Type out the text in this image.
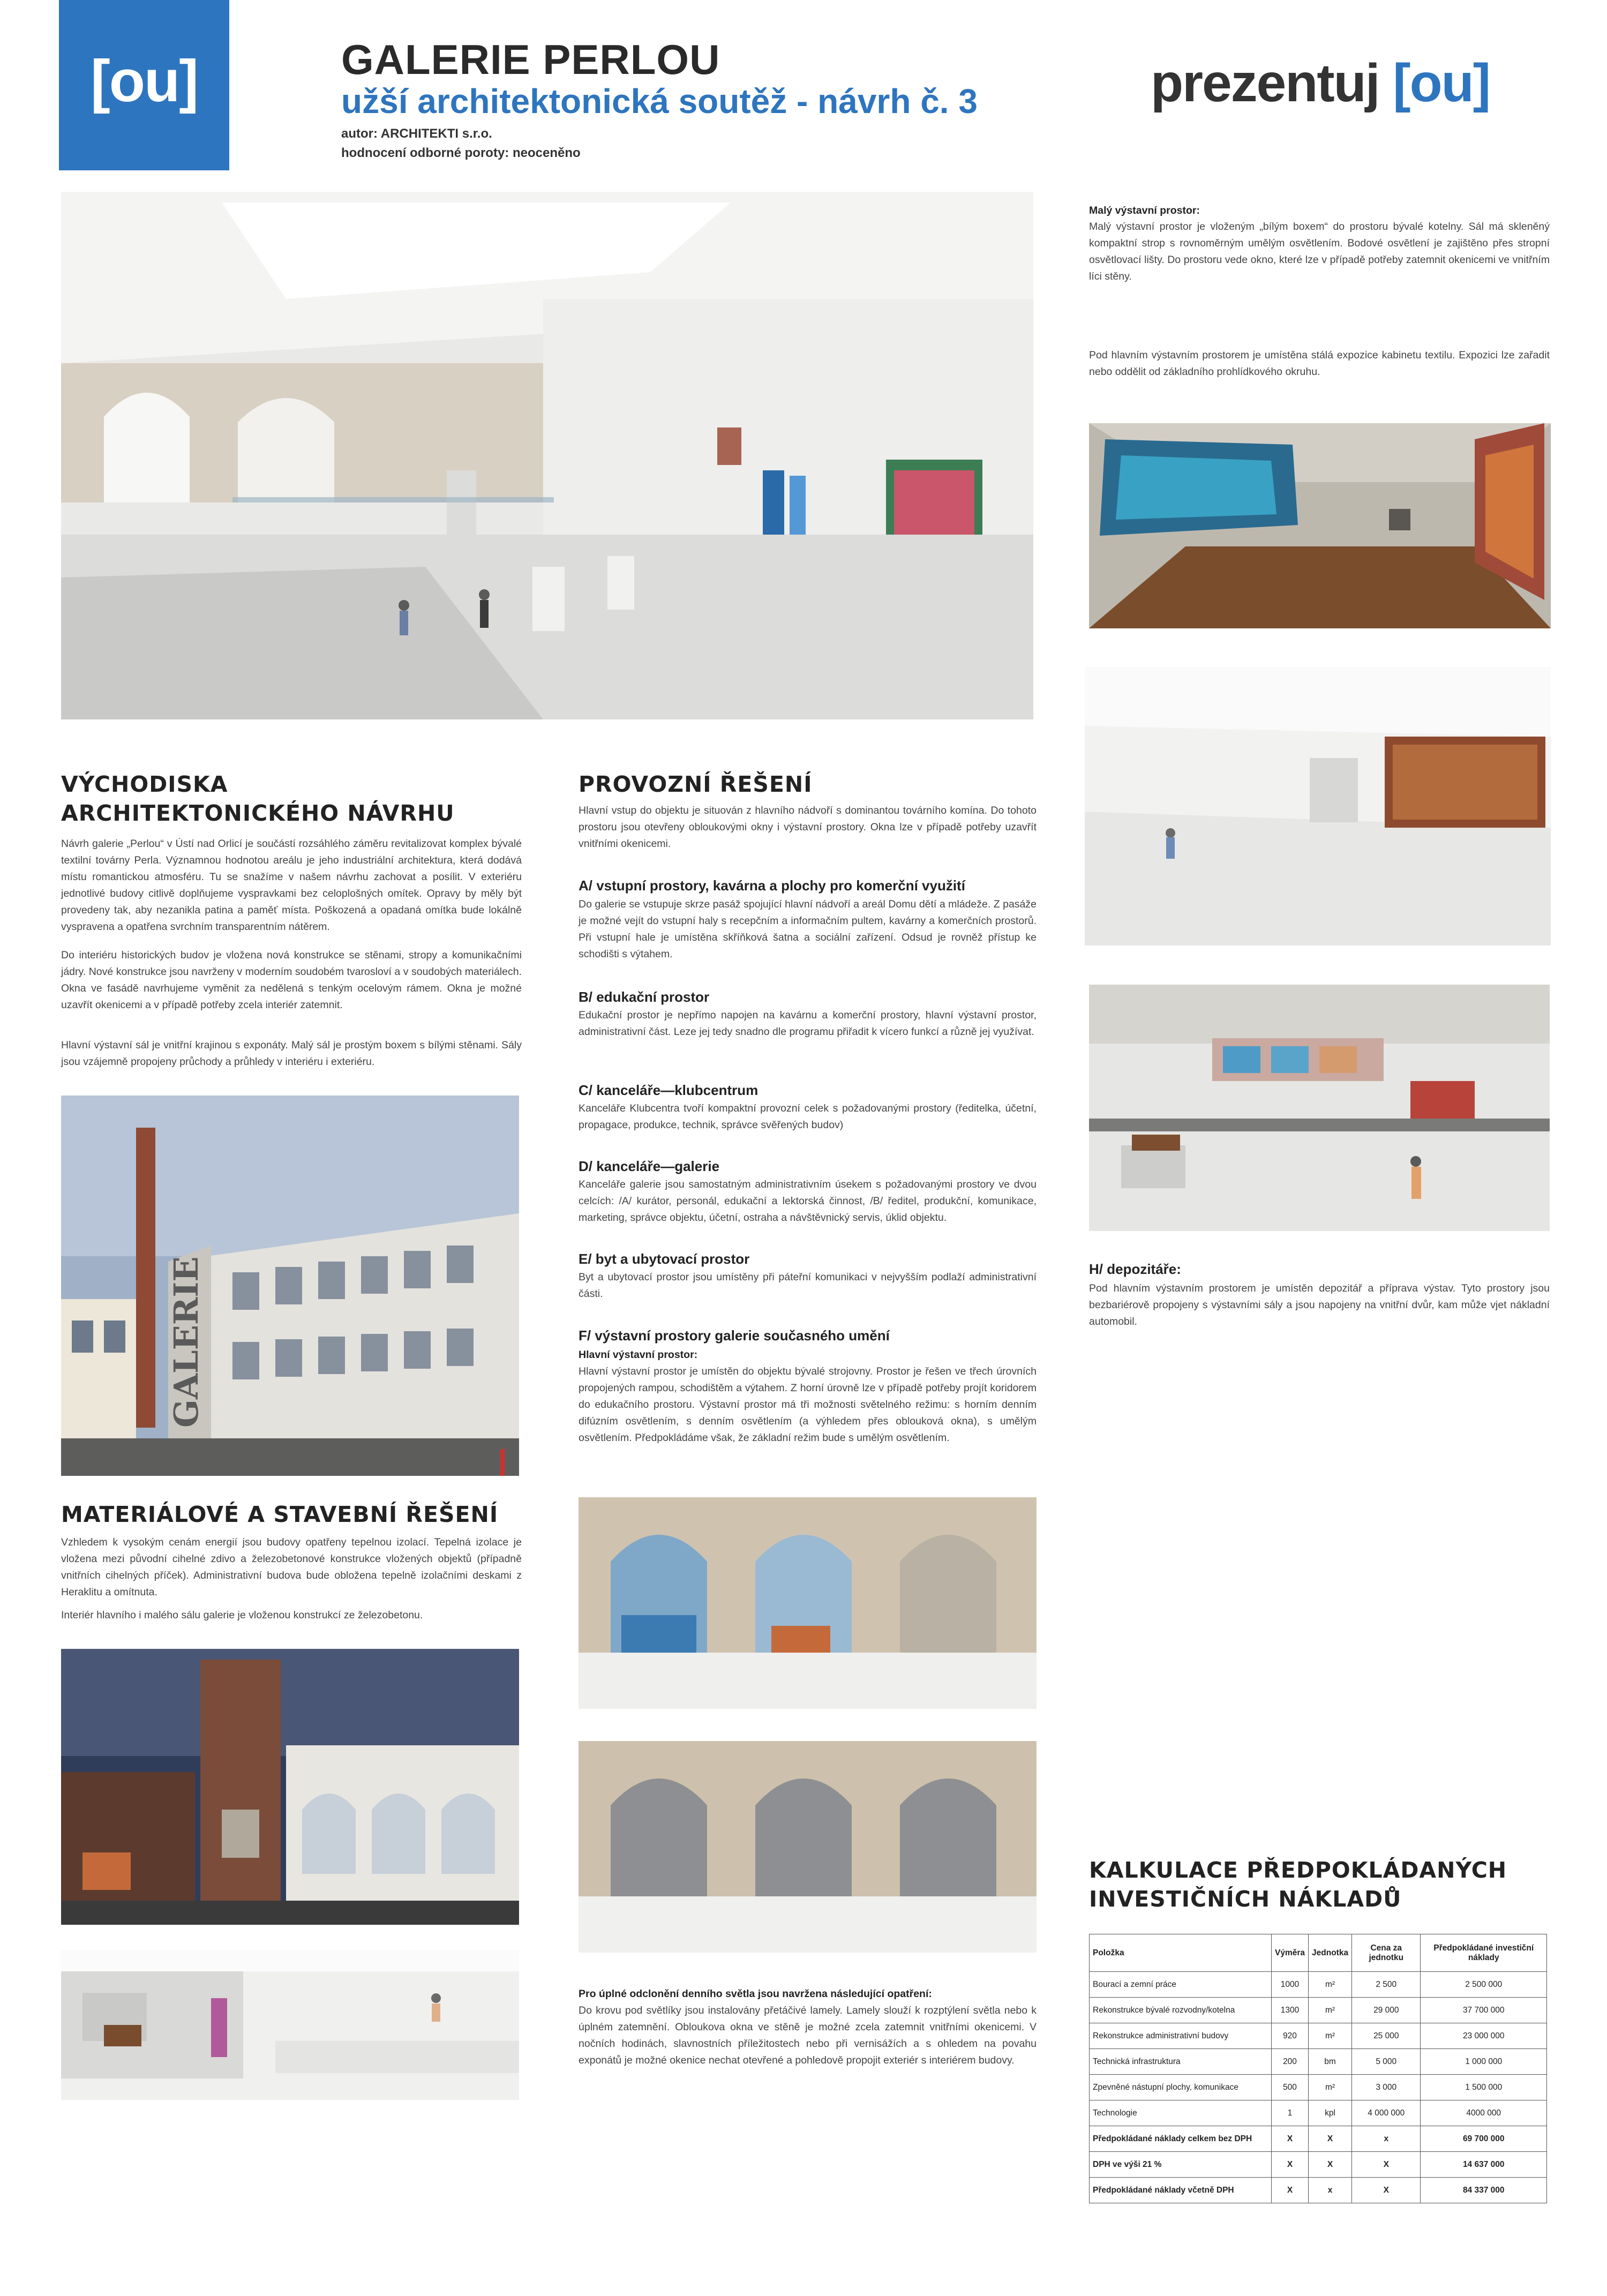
[ou]	GALERIE PERLOU
užší architektonická soutěž - návrh č. 3
autor: ARCHITEKTI s.r.o.
hodnocení odborné poroty: neoceněno
prezentuj [ou]
Malý výstavní prostor:
Malý výstavní prostor je vloženým „bílým boxem“ do prostoru bývalé kotelny. Sál má skleněný kompaktní strop s rovnoměrným umělým osvětlením. Bodové osvětlení je zajištěno přes stropní osvětlovací lišty. Do prostoru vede okno, které lze v případě potřeby zatemnit okenicemi ve vnitřním líci stěny.
Pod hlavním výstavním prostorem je umístěna stálá expozice kabinetu textilu. Expozici lze zařadit nebo oddělit od základního prohlídkového okruhu.
VÝCHODISKA
ARCHITEKTONICKÉHO NÁVRHU
Návrh galerie „Perlou“ v Ústí nad Orlicí je součástí rozsáhlého záměru revitalizovat komplex bývalé textilní továrny Perla. Významnou hodnotou areálu je jeho industriální architektura, která dodává místu romantickou atmosféru. Tu se snažíme v našem návrhu zachovat a posílit. V exteriéru jednotlivé budovy citlivě doplňujeme vyspravkami bez celoplošných omítek. Opravy by měly být provedeny tak, aby nezanikla patina a paměť místa. Poškozená a opadaná omítka bude lokálně vyspravena a opatřena svrchním transparentním nátěrem.
Do interiéru historických budov je vložena nová konstrukce se stěnami, stropy a komunikačními jádry. Nové konstrukce jsou navrženy v moderním soudobém tvarosloví a v soudobých materiálech. Okna ve fasádě navrhujeme vyměnit za nedělená s tenkým ocelovým rámem. Okna je možné uzavřít okenicemi a v případě potřeby zcela interiér zatemnit.
Hlavní výstavní sál je vnitřní krajinou s exponáty. Malý sál je prostým boxem s bílými stěnami. Sály jsou vzájemně propojeny průchody a průhledy v interiéru i exteriéru.
GALERIE
MATERIÁLOVÉ A STAVEBNÍ ŘEŠENÍ
Vzhledem k vysokým cenám energií jsou budovy opatřeny tepelnou izolací. Tepelná izolace je vložena mezi původní cihelné zdivo a železobetonové konstrukce vložených objektů (případně vnitřních cihelných příček). Administrativní budova bude obložena tepelně izolačními deskami z Heraklitu a omítnuta.
Interiér hlavního i malého sálu galerie je vloženou konstrukcí ze železobetonu.
PROVOZNÍ ŘEŠENÍ
Hlavní vstup do objektu je situován z hlavního nádvoří s dominantou továrního komína. Do tohoto prostoru jsou otevřeny obloukovými okny i výstavní prostory. Okna lze v případě potřeby uzavřít vnitřními okenicemi.
A/ vstupní prostory, kavárna a plochy pro komerční využití
Do galerie se vstupuje skrze pasáž spojující hlavní nádvoří a areál Domu dětí a mládeže. Z pasáže je možné vejít do vstupní haly s recepčním a informačním pultem, kavárny a komerčních prostorů. Při vstupní hale je umístěna skříňková šatna a sociální zařízení. Odsud je rovněž přístup ke schodišti s výtahem.
B/ edukační prostor
Edukační prostor je nepřímo napojen na kavárnu a komerční prostory, hlavní výstavní prostor, administrativní část. Leze jej tedy snadno dle programu přiřadit k vícero funkcí a různě jej využívat.
C/ kanceláře—klubcentrum
Kanceláře Klubcentra tvoří kompaktní provozní celek s požadovanými prostory (ředitelka, účetní, propagace, produkce, technik, správce svěřených budov)
D/ kanceláře—galerie
Kanceláře galerie jsou samostatným administrativním úsekem s požadovanými prostory ve dvou celcích: /A/ kurátor, personál, edukační a lektorská činnost, /B/ ředitel, produkční, komunikace, marketing, správce objektu, účetní, ostraha a návštěvnický servis, úklid objektu.
E/ byt a ubytovací prostor
Byt a ubytovací prostor jsou umístěny při páteřní komunikaci v nejvyšším podlaží administrativní části.
F/ výstavní prostory galerie současného umění
Hlavní výstavní prostor:
Hlavní výstavní prostor je umístěn do objektu bývalé strojovny. Prostor je řešen ve třech úrovních propojených rampou, schodištěm a výtahem. Z horní úrovně lze v případě potřeby projít koridorem do edukačního prostoru. Výstavní prostor má tři možnosti světelného režimu: s horním denním difúzním osvětlením, s denním osvětlením (a výhledem přes oblouková okna), s umělým osvětlením. Předpokládáme však, že základní režim bude s umělým osvětlením.
Pro úplné odclonění denního světla jsou navržena následující opatření:
Do krovu pod světlíky jsou instalovány přetáčivé lamely. Lamely slouží k rozptýlení světla nebo k úplném zatemnění. Obloukova okna ve stěně je možné zcela zatemnit vnitřními okenicemi. V nočních hodinách, slavnostních příležitostech nebo při vernisážích a s ohledem na povahu exponátů je možné okenice nechat otevřené a pohledově propojit exteriér s interiérem budovy.
H/ depozitáře:
Pod hlavním výstavním prostorem je umístěn depozitář a příprava výstav. Tyto prostory jsou bezbariérově propojeny s výstavními sály a jsou napojeny na vnitřní dvůr, kam může vjet nákladní automobil.
KALKULACE PŘEDPOKLÁDANÝCH
INVESTIČNÍCH NÁKLADŮ
Položka	Výměra	Jednotka	Cena za jednotku	Předpokládané investiční náklady
Bourací a zemní práce	1000	m²	2 500	2 500 000
Rekonstrukce bývalé rozvodny/kotelna	1300	m²	29 000	37 700 000
Rekonstrukce administrativní budovy	920	m²	25 000	23 000 000
Technická infrastruktura	200	bm	5 000	1 000 000
Zpevněné nástupní plochy, komunikace	500	m²	3 000	1 500 000
Technologie	1	kpl	4 000 000	4000 000
Předpokládané náklady celkem bez DPH	X	X	x	69 700 000
DPH ve výši 21 %	X	X	X	14 637 000
Předpokládané náklady včetně DPH	X	x	X	84 337 000
